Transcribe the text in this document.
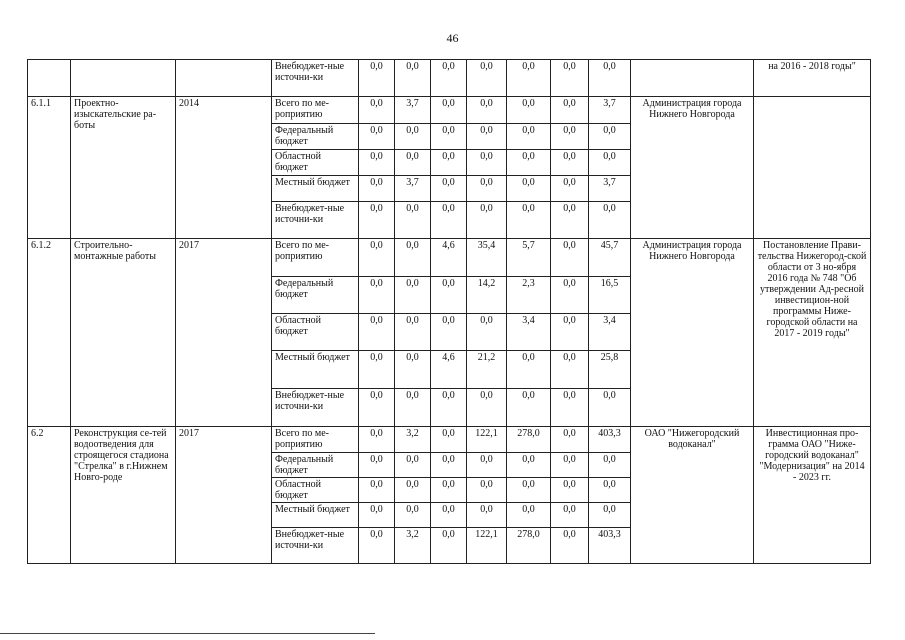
46
			Внебюджет-ные источни-ки	0,0	0,0	0,0	0,0	0,0	0,0	0,0		на 2016 - 2018 годы"
6.1.1	Проектно-изыскательские ра-боты	2014	Всего по ме-роприятию	0,0	3,7	0,0	0,0	0,0	0,0	3,7	Администрация города Нижнего Новгорода	
			Федеральный бюджет	0,0	0,0	0,0	0,0	0,0	0,0	0,0		
			Областной бюджет	0,0	0,0	0,0	0,0	0,0	0,0	0,0		
			Местный бюджет	0,0	3,7	0,0	0,0	0,0	0,0	3,7		
			Внебюджет-ные источни-ки	0,0	0,0	0,0	0,0	0,0	0,0	0,0		
6.1.2	Строительно-монтажные работы	2017	Всего по ме-роприятию	0,0	0,0	4,6	35,4	5,7	0,0	45,7	Администрация города Нижнего Новгорода	Постановление Прави-тельства Нижегород-ской области от 3 но-ября 2016 года № 748 "Об утверждении Ад-ресной инвестицион-ной программы Ниже-городской области на 2017 - 2019 годы"
			Федеральный бюджет	0,0	0,0	0,0	14,2	2,3	0,0	16,5		
			Областной бюджет	0,0	0,0	0,0	0,0	3,4	0,0	3,4		
			Местный бюджет	0,0	0,0	4,6	21,2	0,0	0,0	25,8		
			Внебюджет-ные источни-ки	0,0	0,0	0,0	0,0	0,0	0,0	0,0		
6.2	Реконструкция се-тей водоотведения для строящегося стадиона "Стрелка" в г.Нижнем Новго-роде	2017	Всего по ме-роприятию	0,0	3,2	0,0	122,1	278,0	0,0	403,3	ОАО "Нижегородский водоканал"	Инвестиционная про-грамма ОАО "Ниже-городский водоканал" "Модернизация" на 2014 - 2023 гг.
			Федеральный бюджет	0,0	0,0	0,0	0,0	0,0	0,0	0,0		
			Областной бюджет	0,0	0,0	0,0	0,0	0,0	0,0	0,0		
			Местный бюджет	0,0	0,0	0,0	0,0	0,0	0,0	0,0		
			Внебюджет-ные источни-ки	0,0	3,2	0,0	122,1	278,0	0,0	403,3		
